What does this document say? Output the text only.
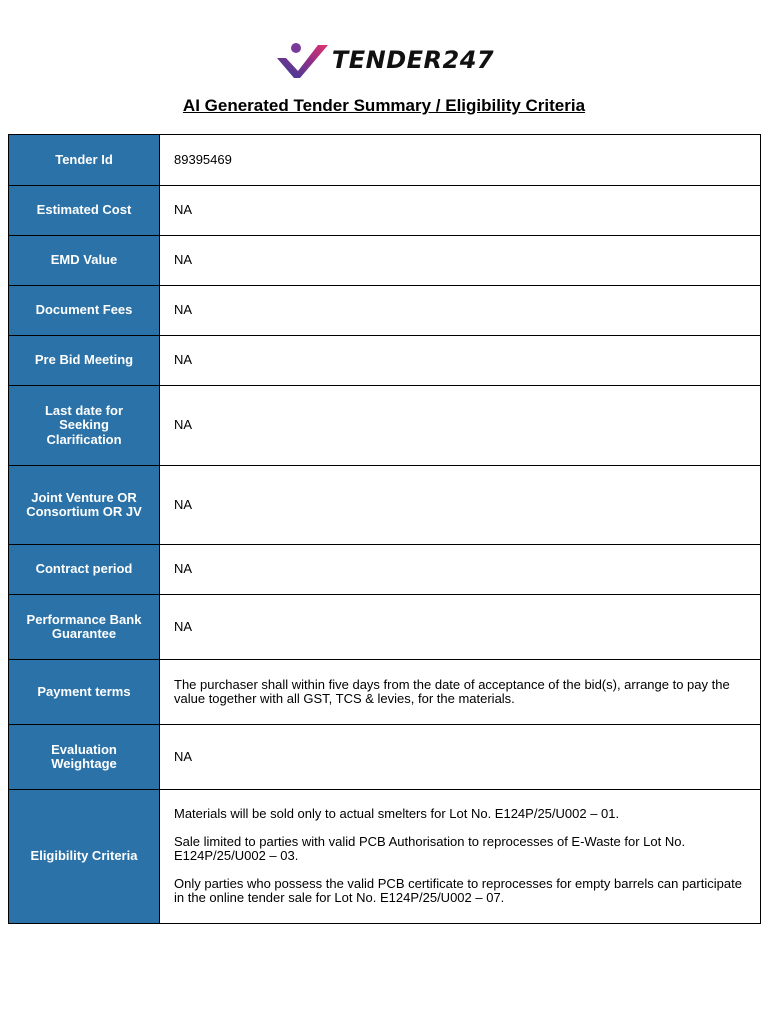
TENDER247
AI Generated Tender Summary / Eligibility Criteria
Tender Id	89395469
Estimated Cost	NA
EMD Value	NA
Document Fees	NA
Pre Bid Meeting	NA
Last date for Seeking Clarification	NA
Joint Venture OR Consortium OR JV	NA
Contract period	NA
Performance Bank Guarantee	NA
Payment terms	The purchaser shall within five days from the date of acceptance of the bid(s), arrange to pay the value together with all GST, TCS & levies, for the materials.
Evaluation Weightage	NA
Eligibility Criteria	Materials will be sold only to actual smelters for Lot No. E124P/25/U002 – 01.

Sale limited to parties with valid PCB Authorisation to reprocesses of E-Waste for Lot No. E124P/25/U002 – 03.

Only parties who possess the valid PCB certificate to reprocesses for empty barrels can participate in the online tender sale for Lot No. E124P/25/U002 – 07.
